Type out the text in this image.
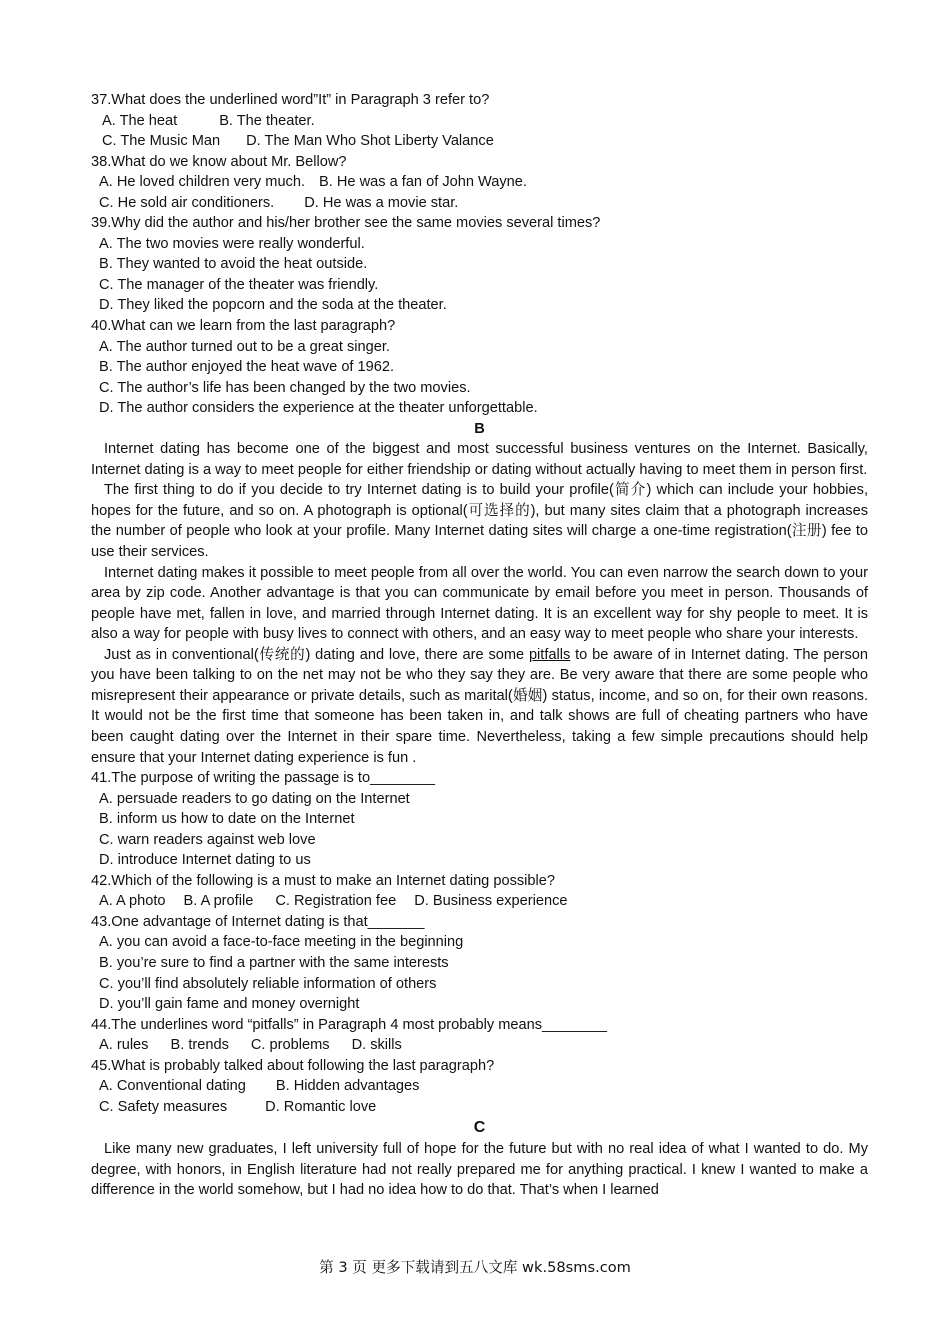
37.What does the underlined word”It” in Paragraph 3 refer to?
A. The heat	B. The theater.
C. The Music Man D. The Man Who Shot Liberty Valance
38.What do we know about Mr. Bellow?
A. He loved children very much. B. He was a fan of John Wayne.
C. He sold air conditioners. D. He was a movie star.
39.Why did the author and his/her brother see the same movies several times?
A. The two movies were really wonderful.
B. They wanted to avoid the heat outside.
C. The manager of the theater was friendly.
D. They liked the popcorn and the soda at the theater.
40.What can we learn from the last paragraph?
A. The author turned out to be a great singer.
B. The author enjoyed the heat wave of 1962.
C. The author’s life has been changed by the two movies.
D. The author considers the experience at the theater unforgettable.
B
Internet dating has become one of the biggest and most successful business ventures on the Internet. Basically, Internet dating is a way to meet people for either friendship or dating without actually having to meet them in person first.
The first thing to do if you decide to try Internet dating is to build your profile(简介) which can include your hobbies, hopes for the future, and so on. A photograph is optional(可选择的), but many sites claim that a photograph increases the number of people who look at your profile. Many Internet dating sites will charge a one-time registration(注册) fee to use their services.
Internet dating makes it possible to meet people from all over the world. You can even narrow the search down to your area by zip code. Another advantage is that you can communicate by email before you meet in person. Thousands of people have met, fallen in love, and married through Internet dating. It is an excellent way for shy people to meet. It is also a way for people with busy lives to connect with others, and an easy way to meet people who share your interests.
Just as in conventional(传统的) dating and love, there are some pitfalls to be aware of in Internet dating. The person you have been talking to on the net may not be who they say they are. Be very aware that there are some people who misrepresent their appearance or private details, such as marital(婚姻) status, income, and so on, for their own reasons. It would not be the first time that someone has been taken in, and talk shows are full of cheating partners who have been caught dating over the Internet in their spare time. Nevertheless, taking a few simple precautions should help ensure that your Internet dating experience is fun .
41.The purpose of writing the passage is to________
A. persuade readers to go dating on the Internet
B. inform us how to date on the Internet
C. warn readers against web love
D. introduce Internet dating to us
42.Which of the following is a must to make an Internet dating possible?
A. A photo B. A profile C. Registration fee D. Business experience
43.One advantage of Internet dating is that_______
A. you can avoid a face-to-face meeting in the beginning
B. you’re sure to find a partner with the same interests
C. you’ll find absolutely reliable information of others
D. you’ll gain fame and money overnight
44.The underlines word “pitfalls” in Paragraph 4 most probably means________
A. rules B. trends C. problems D. skills
45.What is probably talked about following the last paragraph?
A. Conventional dating B. Hidden advantages
C. Safety measures	D. Romantic love
C
Like many new graduates, I left university full of hope for the future but with no real idea of what I wanted to do. My degree, with honors, in English literature had not really prepared me for anything practical. I knew I wanted to make a difference in the world somehow, but I had no idea how to do that. That’s when I learned
第 3 页 更多下载请到五八文库 wk.58sms.com
